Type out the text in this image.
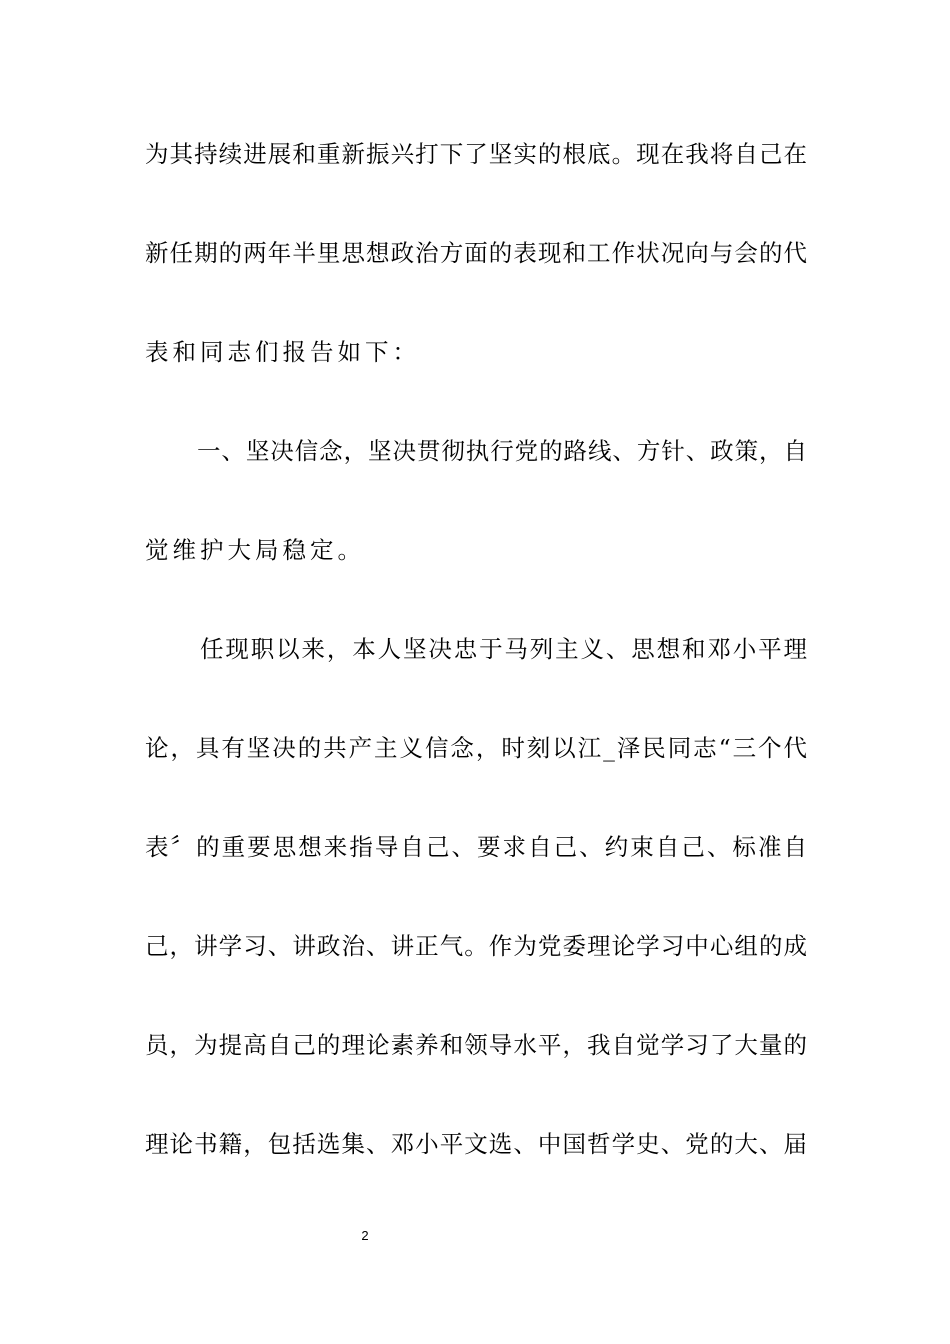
为其持续进展和重新振兴打下了坚实的根底。现在我将自己在
新任期的两年半里思想政治方面的表现和工作状况向与会的代
表和同志们报告如下：
一、坚决信念，坚决贯彻执行党的路线、方针、政策，自
觉维护大局稳定。
任现职以来，本人坚决忠于马列主义、思想和邓小平理
论，具有坚决的共产主义信念，时刻以江_泽民同志“三个代
表〞的重要思想来指导自己、要求自己、约束自己、标准自
己，讲学习、讲政治、讲正气。作为党委理论学习中心组的成
员，为提高自己的理论素养和领导水平，我自觉学习了大量的
理论书籍，包括选集、邓小平文选、中国哲学史、党的大、届
2
